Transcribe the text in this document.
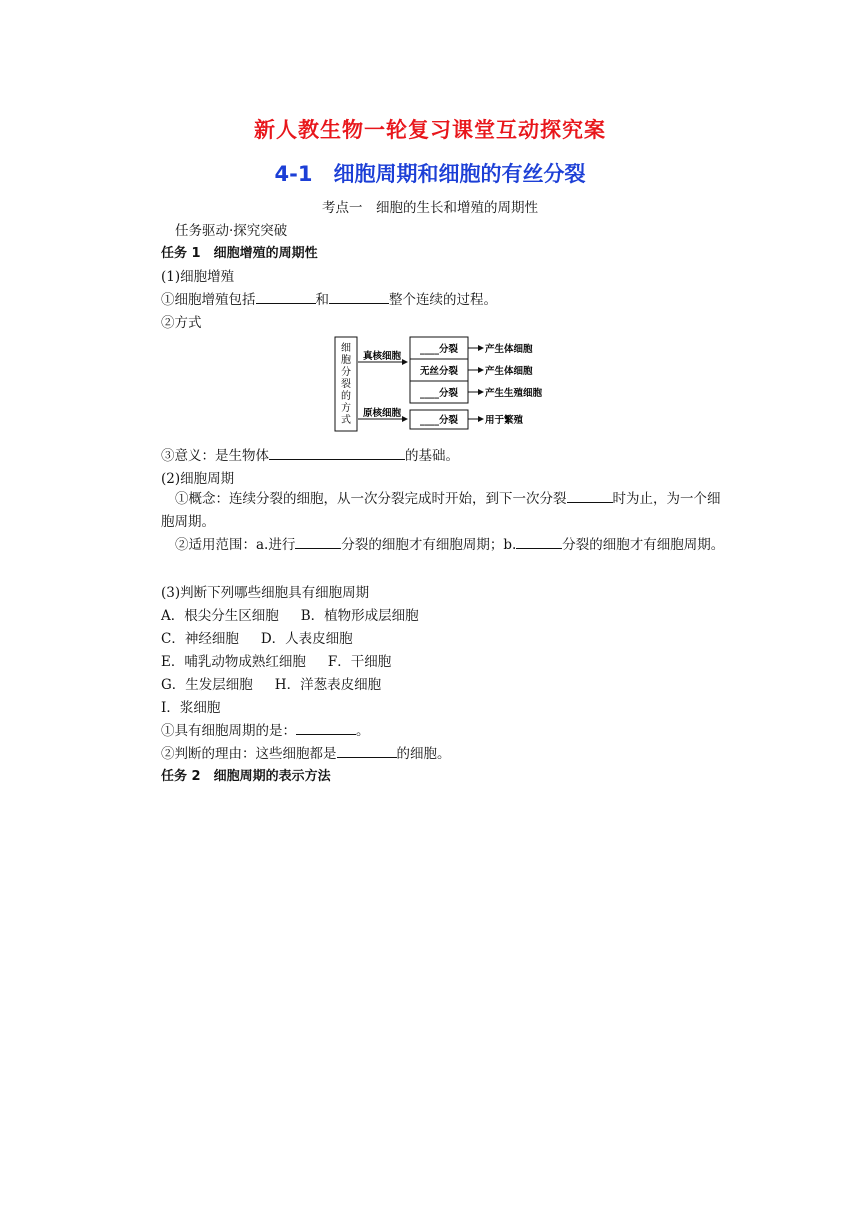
新人教生物一轮复习课堂互动探究案
4-1　细胞周期和细胞的有丝分裂
考点一　细胞的生长和增殖的周期性
任务驱动·探究突破
任务 1　细胞增殖的周期性
(1)细胞增殖
①细胞增殖包括	和	整个连续的过程。
②方式
细
胞
分
裂
的
方
式
真核细胞
原核细胞
____分裂
无丝分裂
____分裂
____分裂
产生体细胞
产生体细胞
产生生殖细胞
用于繁殖
③意义：是生物体	的基础。
(2)细胞周期
①概念：连续分裂的细胞，从一次分裂完成时开始，到下一次分裂	时为止，为一个细胞周期。
②适用范围：a.进行	分裂的细胞才有细胞周期；b.	分裂的细胞才有细胞周期。
(3)判断下列哪些细胞具有细胞周期
A．根尖分生区细胞 B．植物形成层细胞
C．神经细胞 D．人表皮细胞
E．哺乳动物成熟红细胞 F．干细胞
G．生发层细胞 H．洋葱表皮细胞
I．浆细胞
①具有细胞周期的是：	。
②判断的理由：这些细胞都是	的细胞。
任务 2　细胞周期的表示方法
